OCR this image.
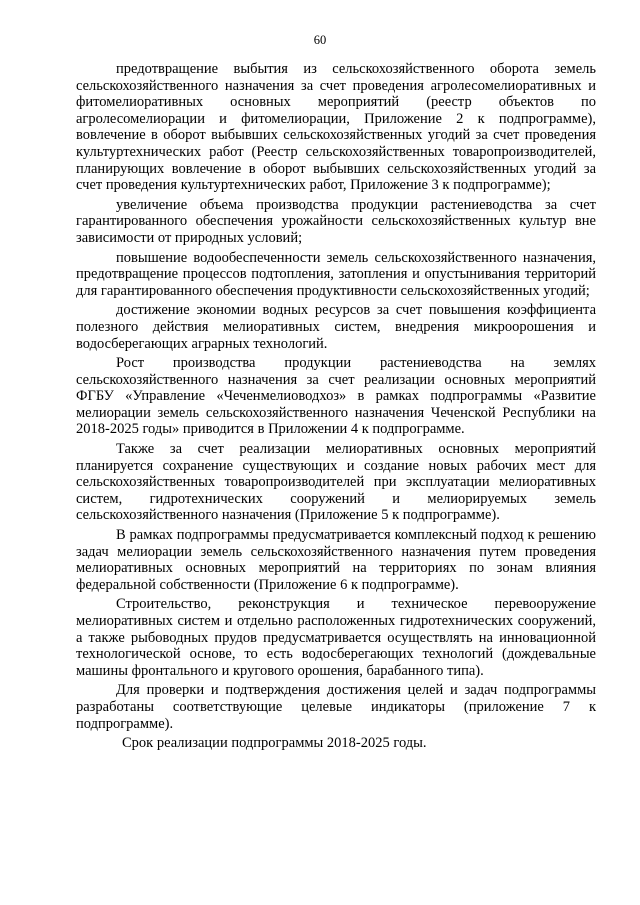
60

предотвращение выбытия из сельскохозяйственного оборота земель сельскохозяйственного назначения за счет проведения агролесомелиоративных и фитомелиоративных основных мероприятий (реестр объектов по агролесомелиорации и фитомелиорации, Приложение 2 к подпрограмме), вовлечение в оборот выбывших сельскохозяйственных угодий за счет проведения культуртехнических работ (Реестр сельскохозяйственных товаропроизводителей, планирующих вовлечение в оборот выбывших сельскохозяйственных угодий за счет проведения культуртехнических работ, Приложение 3 к подпрограмме);

увеличение объема производства продукции растениеводства за счет гарантированного обеспечения урожайности сельскохозяйственных культур вне зависимости от природных условий;

повышение водообеспеченности земель сельскохозяйственного назначения, предотвращение процессов подтопления, затопления и опустынивания территорий для гарантированного обеспечения продуктивности сельскохозяйственных угодий;

достижение экономии водных ресурсов за счет повышения коэффициента полезного действия мелиоративных систем, внедрения микроорошения и водосберегающих аграрных технологий.

Рост производства продукции растениеводства на землях сельскохозяйственного назначения за счет реализации основных мероприятий ФГБУ «Управление «Чеченмелиоводхоз» в рамках подпрограммы «Развитие мелиорации земель сельскохозяйственного назначения Чеченской Республики на 2018-2025 годы» приводится в Приложении 4 к подпрограмме.

Также за счет реализации мелиоративных основных мероприятий планируется сохранение существующих и создание новых рабочих мест для сельскохозяйственных товаропроизводителей при эксплуатации мелиоративных систем, гидротехнических сооружений и мелиорируемых земель сельскохозяйственного назначения (Приложение 5 к подпрограмме).

В рамках подпрограммы предусматривается комплексный подход к решению задач мелиорации земель сельскохозяйственного назначения путем проведения мелиоративных основных мероприятий на территориях по зонам влияния федеральной собственности (Приложение 6 к подпрограмме).

Строительство, реконструкция и техническое перевооружение мелиоративных систем и отдельно расположенных гидротехнических сооружений, а также рыбоводных прудов предусматривается осуществлять на инновационной технологической основе, то есть водосберегающих технологий (дождевальные машины фронтального и кругового орошения, барабанного типа).

Для проверки и подтверждения достижения целей и задач подпрограммы разработаны соответствующие целевые индикаторы (приложение 7 к подпрограмме).

Срок реализации подпрограммы 2018-2025 годы.
